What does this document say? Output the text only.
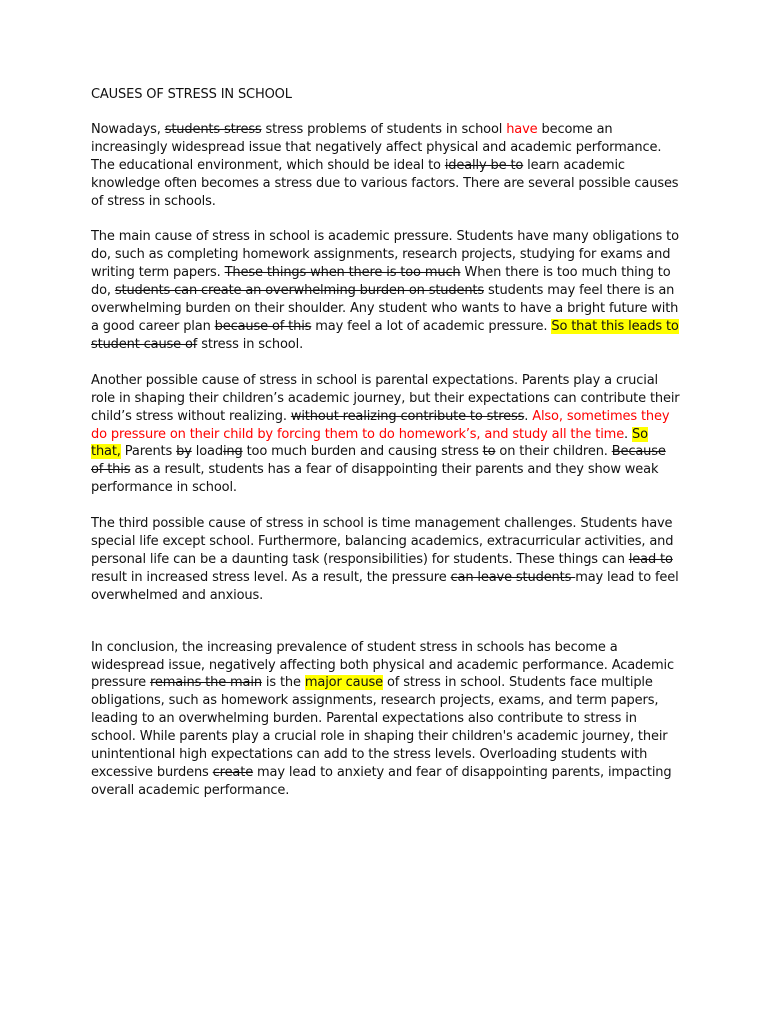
CAUSES OF STRESS IN SCHOOL

Nowadays, students stress stress problems of students in school have become an increasingly widespread issue that negatively affect physical and academic performance. The educational environment, which should be ideal to ideally be to learn academic knowledge often becomes a stress due to various factors. There are several possible causes of stress in schools.

The main cause of stress in school is academic pressure. Students have many obligations to do, such as completing homework assignments, research projects, studying for exams and writing term papers. These things when there is too much When there is too much thing to do, students can create an overwhelming burden on students students may feel there is an overwhelming burden on their shoulder. Any student who wants to have a bright future with a good career plan because of this may feel a lot of academic pressure. So that this leads to student cause of stress in school.

Another possible cause of stress in school is parental expectations. Parents play a crucial role in shaping their children’s academic journey, but their expectations can contribute their child’s stress without realizing. without realizing contribute to stress. Also, sometimes they do pressure on their child by forcing them to do homework’s, and study all the time. So that, Parents by loading too much burden and causing stress to on their children. Because of this as a result, students has a fear of disappointing their parents and they show weak performance in school.

The third possible cause of stress in school is time management challenges. Students have special life except school. Furthermore, balancing academics, extracurricular activities, and personal life can be a daunting task (responsibilities) for students. These things can lead to result in increased stress level. As a result, the pressure can leave students may lead to feel overwhelmed and anxious.

In conclusion, the increasing prevalence of student stress in schools has become a widespread issue, negatively affecting both physical and academic performance. Academic pressure remains the main is the major cause of stress in school. Students face multiple obligations, such as homework assignments, research projects, exams, and term papers, leading to an overwhelming burden. Parental expectations also contribute to stress in school. While parents play a crucial role in shaping their children's academic journey, their unintentional high expectations can add to the stress levels. Overloading students with excessive burdens create may lead to anxiety and fear of disappointing parents, impacting overall academic performance.
